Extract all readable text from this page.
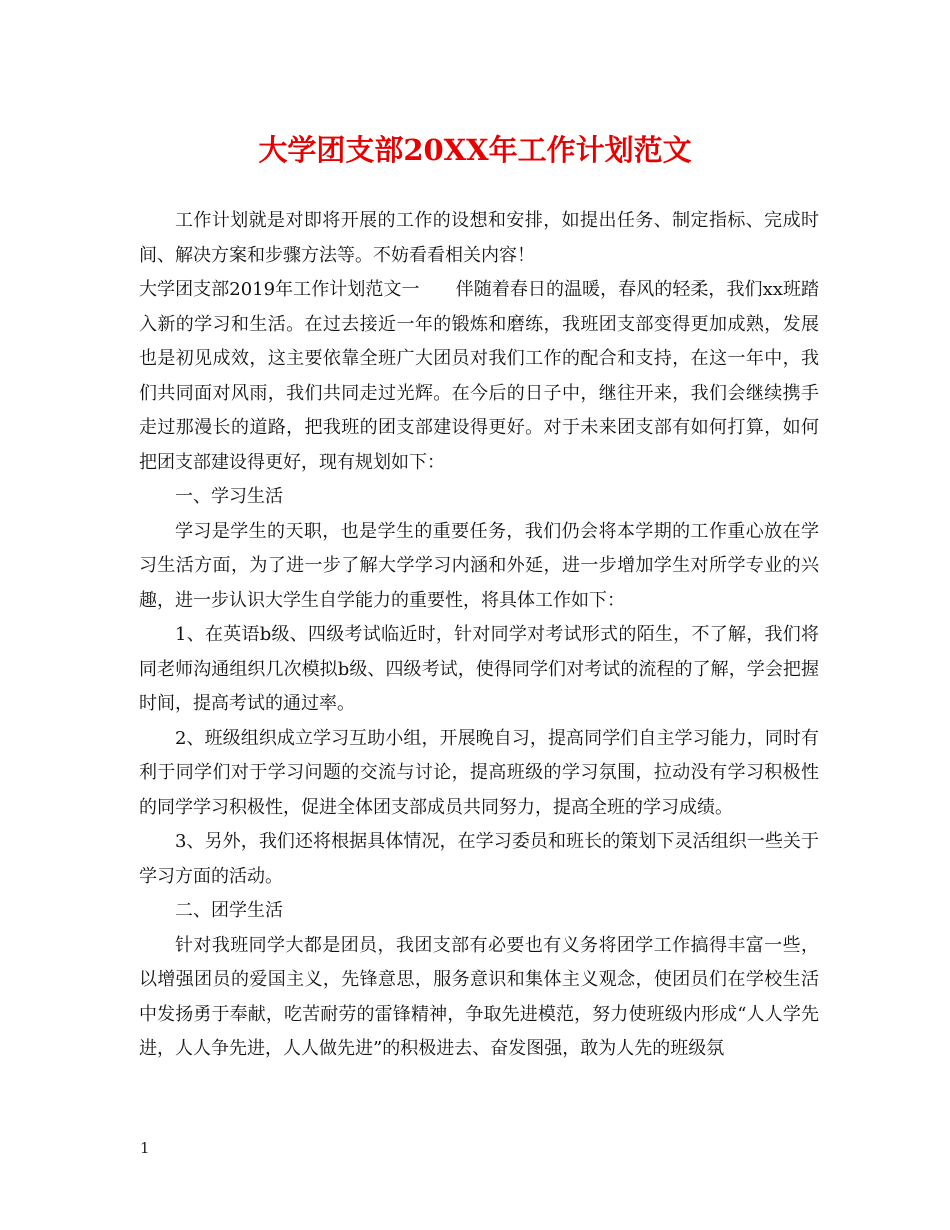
大学团支部20XX年工作计划范文

工作计划就是对即将开展的工作的设想和安排，如提出任务、制定指标、完成时间、解决方案和步骤方法等。不妨看看相关内容！

大学团支部2019年工作计划范文一　　伴随着春日的温暖，春风的轻柔，我们xx班踏入新的学习和生活。在过去接近一年的锻炼和磨练，我班团支部变得更加成熟，发展也是初见成效，这主要依靠全班广大团员对我们工作的配合和支持，在这一年中，我们共同面对风雨，我们共同走过光辉。在今后的日子中，继往开来，我们会继续携手走过那漫长的道路，把我班的团支部建设得更好。对于未来团支部有如何打算，如何把团支部建设得更好，现有规划如下：

一、学习生活

学习是学生的天职，也是学生的重要任务，我们仍会将本学期的工作重心放在学习生活方面，为了进一步了解大学学习内涵和外延，进一步增加学生对所学专业的兴趣，进一步认识大学生自学能力的重要性，将具体工作如下：

1、在英语b级、四级考试临近时，针对同学对考试形式的陌生，不了解，我们将同老师沟通组织几次模拟b级、四级考试，使得同学们对考试的流程的了解，学会把握时间，提高考试的通过率。

2、班级组织成立学习互助小组，开展晚自习，提高同学们自主学习能力，同时有利于同学们对于学习问题的交流与讨论，提高班级的学习氛围，拉动没有学习积极性的同学学习积极性，促进全体团支部成员共同努力，提高全班的学习成绩。

3、另外，我们还将根据具体情况，在学习委员和班长的策划下灵活组织一些关于学习方面的活动。

二、团学生活

针对我班同学大都是团员，我团支部有必要也有义务将团学工作搞得丰富一些，以增强团员的爱国主义，先锋意思，服务意识和集体主义观念，使团员们在学校生活中发扬勇于奉献，吃苦耐劳的雷锋精神，争取先进模范，努力使班级内形成“人人学先进，人人争先进，人人做先进”的积极进去、奋发图强，敢为人先的班级氛

1
